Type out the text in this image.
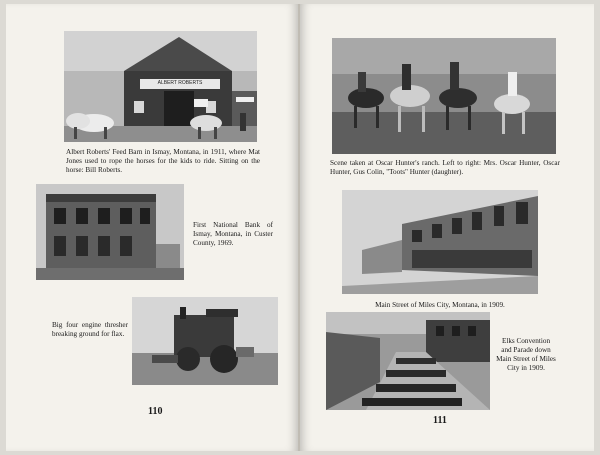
ALBERT ROBERTS
Albert Roberts' Feed Barn in Ismay, Montana, in 1911, where Mat Jones used to rope the horses for the kids to ride. Sitting on the horse: Bill Roberts.
First National Bank of Ismay, Montana, in Custer County, 1969.
Big four engine thresher breaking ground for flax.
110
Scene taken at Oscar Hunter's ranch. Left to right: Mrs. Oscar Hunter, Oscar Hunter, Gus Colin, "Toots" Hunter (daughter).
Main Street of Miles City, Montana, in 1909.
Elks Convention and Parade down Main Street of Miles City in 1909.
111
